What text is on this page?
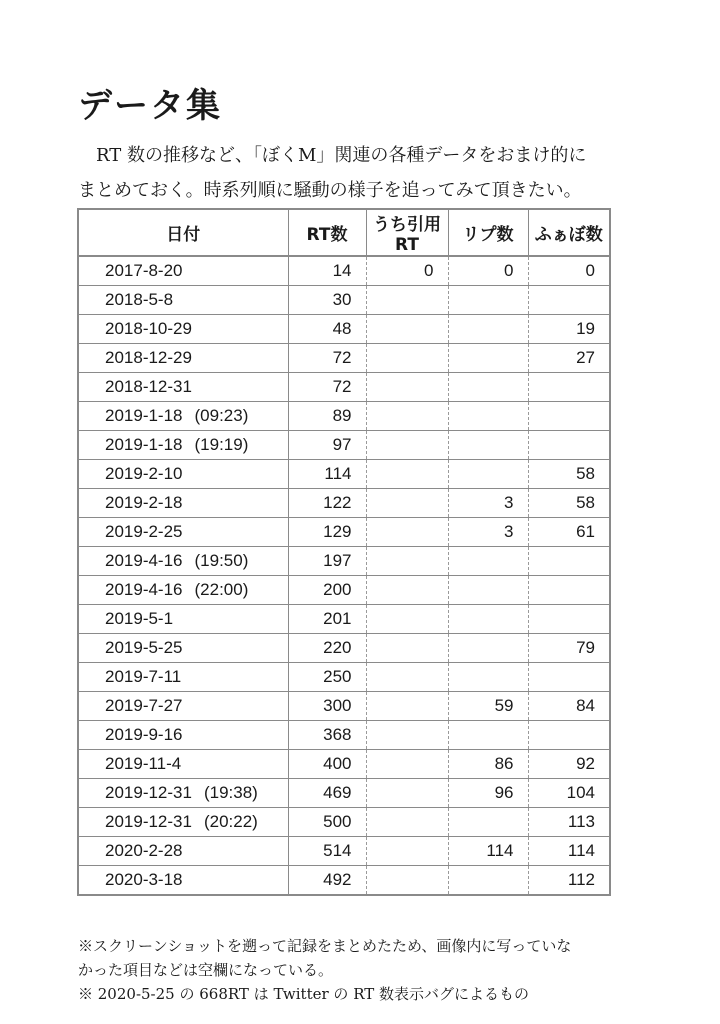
データ集

RT 数の推移など、「ぼくM」関連の各種データをおまけ的に

まとめておく。時系列順に騒動の様子を追ってみて頂きたい。

日付	RT数	うち引用RT	リプ数	ふぁぼ数
2017-8-20	14	0	0	0
2018-5-8	30			
2018-10-29	48			19
2018-12-29	72			27
2018-12-31	72			
2019-1-18 (09:23)	89			
2019-1-18 (19:19)	97			
2019-2-10	114			58
2019-2-18	122		3	58
2019-2-25	129		3	61
2019-4-16 (19:50)	197			
2019-4-16 (22:00)	200			
2019-5-1	201			
2019-5-25	220			79
2019-7-11	250			
2019-7-27	300		59	84
2019-9-16	368			
2019-11-4	400		86	92
2019-12-31 (19:38)	469		96	104
2019-12-31 (20:22)	500			113
2020-2-28	514		114	114
2020-3-18	492			112

※スクリーンショットを遡って記録をまとめたため、画像内に写っていな

かった項目などは空欄になっている。

※ 2020-5-25 の 668RT は Twitter の RT 数表示バグによるもの
